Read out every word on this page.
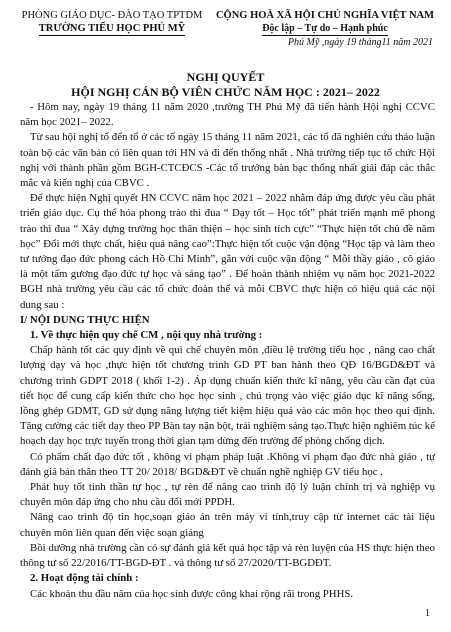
PHÒNG GIÁO DỤC- ĐÀO TẠO TPTDM
TRƯỜNG TIỂU HỌC PHÚ MỸ
CỘNG HOÀ XÃ HỘI CHỦ NGHĨA VIỆT NAM
Độc lập – Tự do – Hạnh phúc
Phú Mỹ ,ngày 19 tháng11 năm 2021
NGHỊ QUYẾT
HỘI NGHỊ CÁN BỘ VIÊN CHỨC NĂM HỌC : 2021– 2022

- Hôm nay, ngày 19 tháng 11 năm 2020 ,trường TH Phú Mỹ đã tiến hành Hội nghị CCVC năm học 2021– 2022.

Từ sau hội nghị tổ đến tổ ở các tổ ngày 15 tháng 11 năm 2021, các tổ đã nghiên cứu thảo luận toàn bộ các văn bản có liên quan tới HN và đi đến thống nhất . Nhà trường tiếp tục tổ chức Hội nghị với thành phần gồm BGH-CTCĐCS -Các tổ trưởng bàn bạc thống nhất giải đáp các thắc mắc và kiến nghị của CBVC .

Để thực hiện Nghị quyết HN CCVC năm học 2021 – 2022 nhằm đáp ứng được yêu cầu phát triển giáo dục. Cụ thể hóa phong trào thi đua “ Dạy tốt – Học tốt” phát triển mạnh mẽ phong trào thi đua “ Xây dựng trường học thân thiện – học sinh tích cực” “Thực hiện tốt chủ đề năm học” Đổi mới thực chất, hiệu quả nâng cao”:Thực hiện tốt cuộc vận động “Học tập và làm theo tư tưởng đạo đức phong cách Hồ Chí Minh”, gắn với cuộc vận động “ Mỗi thầy giáo , cô giáo là một tấm gương đạo đức tự học và sáng tạo” . Để hoàn thành nhiệm vụ năm học 2021-2022 BGH nhà trường yêu cầu các tổ chức đoàn thể và mỗi CBVC thực hiện có hiệu quả các nội dung sau :

I/ NỘI DUNG THỰC HIỆN

1. Về thực hiện quy chế CM , nội quy nhà trường :

Chấp hành tốt các quy định về qui chế chuyên môn ,điều lệ trường tiểu học , nâng cao chất lượng dạy và học ,thực hiện tốt chương trình GD PT ban hành theo QĐ 16/BGD&ĐT và chương trình GDPT 2018 ( khối 1-2) . Áp dụng chuẩn kiến thức kĩ năng, yêu cầu cần đạt của tiết học để cung cấp kiến thức cho học học sinh , chú trọng vào việc giáo dục kĩ năng sống, lồng ghép GDMT, GD sử dụng năng lượng tiết kiệm hiệu quả vào các môn học theo qui định. Tăng cường các tiết dạy theo PP Bàn tay nặn bột, trải nghiệm sáng tạo.Thực hiện nghiêm túc kế hoạch dạy học trực tuyến trong thời gian tạm dừng đến trường để phòng chống dịch.

Có phẩm chất đạo đức tốt , không vi phạm pháp luật .Không vi phạm đạo đức nhà giáo , tự đánh giá bản thân theo TT 20/ 2018/ BGD&ĐT về chuẩn nghề nghiệp GV tiểu học .

Phát huy tốt tinh thần tự học , tự rèn để nâng cao trình độ lý luận chính trị và nghiệp vụ chuyên môn đáp ứng cho nhu cầu đổi mới PPDH.

Nâng cao trình độ tin học,soạn giáo án trên máy vi tính,truy cập từ internet các tài liệu chuyên môn liên quan đến việc soạn giảng

Bồi dưỡng nhà trường cần có sự đánh giá kết quả học tập và rèn luyện của HS thực hiện theo thông tư số 22/2016/TT-BGD-ĐT . và thông tư số 27/2020/TT-BGDĐT.

2. Hoạt động tài chính :

Các khoản thu đầu năm của học sinh được công khai rộng rãi trong PHHS.

1
